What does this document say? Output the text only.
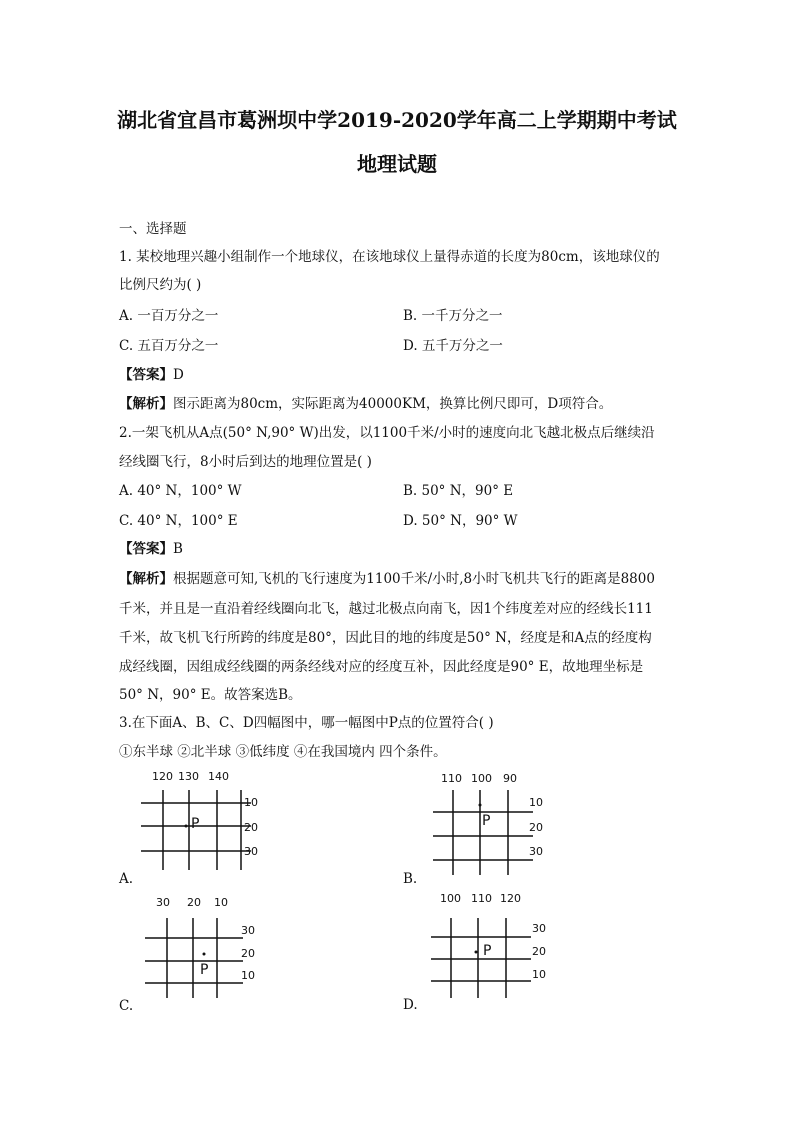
湖北省宜昌市葛洲坝中学2019-2020学年高二上学期期中考试
地理试题
一、选择题
1. 某校地理兴趣小组制作一个地球仪，在该地球仪上量得赤道的长度为80cm，该地球仪的
比例尺约为( )
A. 一百万分之一	B. 一千万分之一
C. 五百万分之一	D. 五千万分之一
【答案】D
【解析】图示距离为80cm，实际距离为40000KM，换算比例尺即可，D项符合。
2.一架飞机从A点(50° N,90° W)出发，以1100千米/小时的速度向北飞越北极点后继续沿
经线圈飞行，8小时后到达的地理位置是( )
A. 40° N，100° W	B. 50° N，90° E
C. 40° N，100° E	D. 50° N，90° W
【答案】B
【解析】根据题意可知,飞机的飞行速度为1100千米/小时,8小时飞机共飞行的距离是8800
千米，并且是一直沿着经线圈向北飞，越过北极点向南飞，因1个纬度差对应的经线长111
千米，故飞机飞行所跨的纬度是80°，因此目的地的纬度是50° N，经度是和A点的经度构
成经线圈，因组成经线圈的两条经线对应的经度互补，因此经度是90° E，故地理坐标是
50° N，90° E。故答案选B。
3.在下面A、B、C、D四幅图中，哪一幅图中P点的位置符合( )
①东半球 ②北半球 ③低纬度 ④在我国境内 四个条件。
120 130 140
P
10
20
30
A.
110 100 90
P
10
20
30
B.
30 20 10
P
30
20
10
C.
100 110 120
P
30
20
10
D.
